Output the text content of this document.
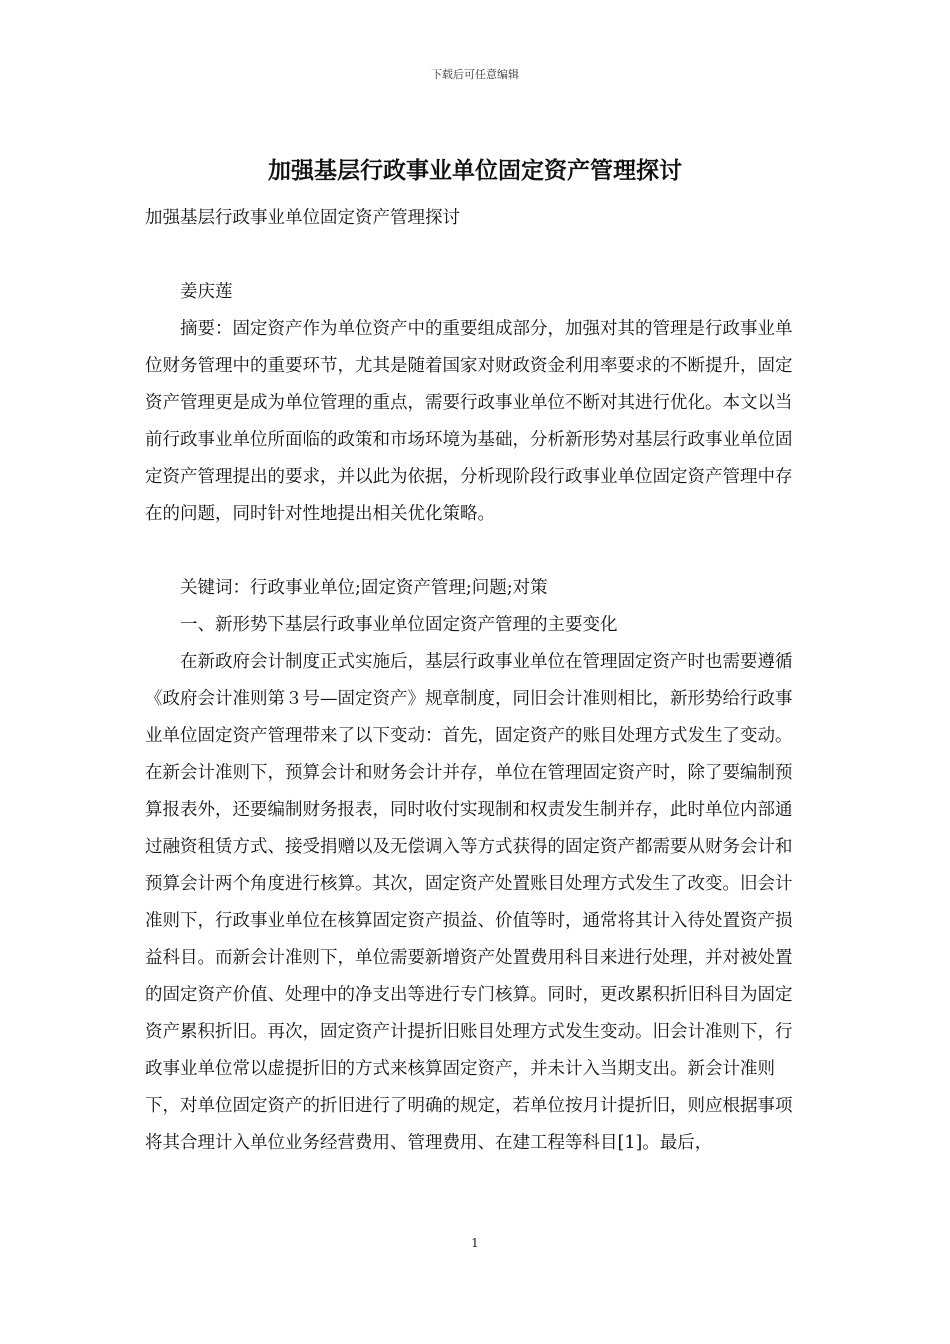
下载后可任意编辑
加强基层行政事业单位固定资产管理探讨

加强基层行政事业单位固定资产管理探讨

姜庆莲

摘要：固定资产作为单位资产中的重要组成部分，加强对其的管理是行政事业单位财务管理中的重要环节，尤其是随着国家对财政资金利用率要求的不断提升，固定资产管理更是成为单位管理的重点，需要行政事业单位不断对其进行优化。本文以当前行政事业单位所面临的政策和市场环境为基础，分析新形势对基层行政事业单位固定资产管理提出的要求，并以此为依据，分析现阶段行政事业单位固定资产管理中存在的问题，同时针对性地提出相关优化策略。

关键词：行政事业单位;固定资产管理;问题;对策

一、新形势下基层行政事业单位固定资产管理的主要变化

在新政府会计制度正式实施后，基层行政事业单位在管理固定资产时也需要遵循《政府会计准则第３号—固定资产》规章制度，同旧会计准则相比，新形势给行政事业单位固定资产管理带来了以下变动：首先，固定资产的账目处理方式发生了变动。在新会计准则下，预算会计和财务会计并存，单位在管理固定资产时，除了要编制预算报表外，还要编制财务报表，同时收付实现制和权责发生制并存，此时单位内部通过融资租赁方式、接受捐赠以及无偿调入等方式获得的固定资产都需要从财务会计和预算会计两个角度进行核算。其次，固定资产处置账目处理方式发生了改变。旧会计准则下，行政事业单位在核算固定资产损益、价值等时，通常将其计入待处置资产损益科目。而新会计准则下，单位需要新增资产处置费用科目来进行处理，并对被处置的固定资产价值、处理中的净支出等进行专门核算。同时，更改累积折旧科目为固定资产累积折旧。再次，固定资产计提折旧账目处理方式发生变动。旧会计准则下，行政事业单位常以虚提折旧的方式来核算固定资产，并未计入当期支出。新会计准则下，对单位固定资产的折旧进行了明确的规定，若单位按月计提折旧，则应根据事项将其合理计入单位业务经营费用、管理费用、在建工程等科目[1]。最后，

1
